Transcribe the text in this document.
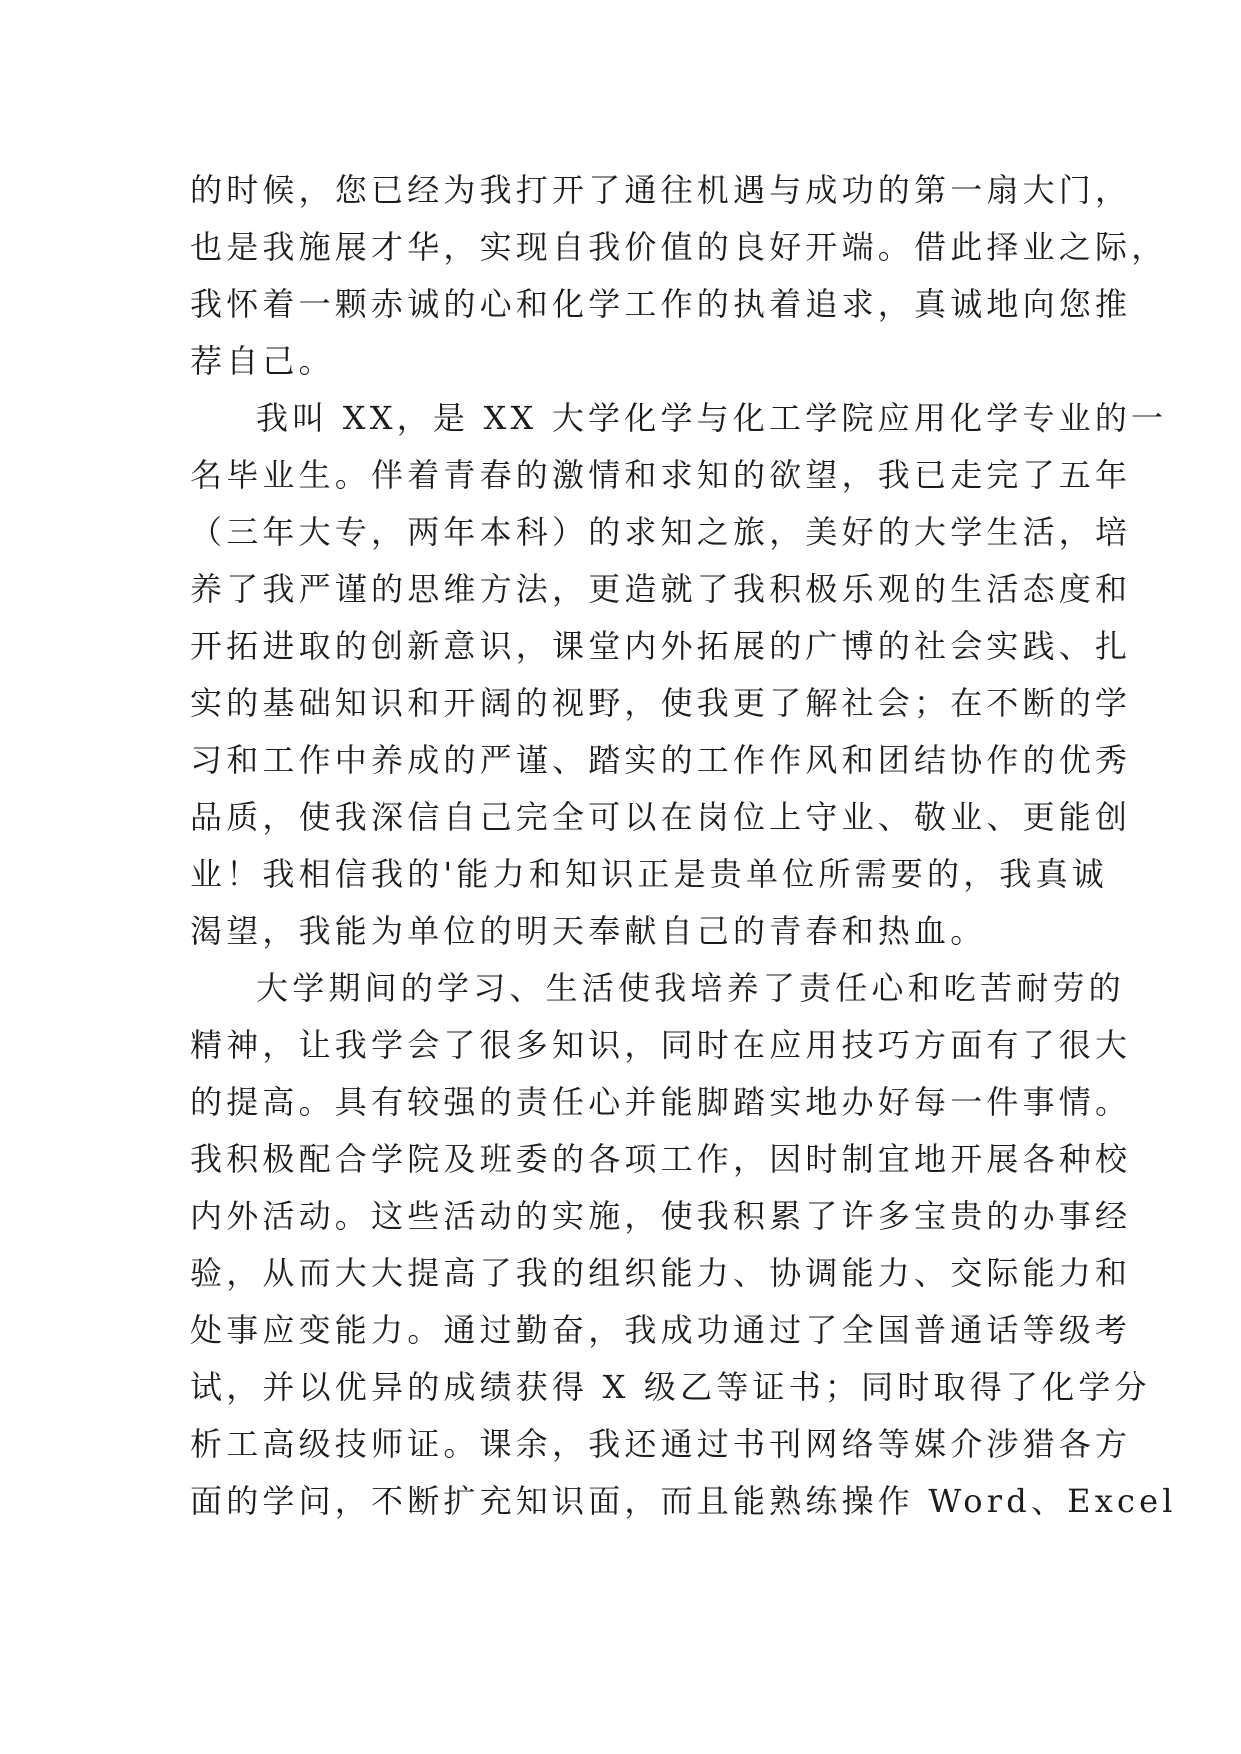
的时候，您已经为我打开了通往机遇与成功的第一扇大门，
也是我施展才华，实现自我价值的良好开端。借此择业之际，
我怀着一颗赤诚的心和化学工作的执着追求，真诚地向您推
荐自己。
我叫 XX，是 XX 大学化学与化工学院应用化学专业的一
名毕业生。伴着青春的激情和求知的欲望，我已走完了五年
（三年大专，两年本科）的求知之旅，美好的大学生活，培
养了我严谨的思维方法，更造就了我积极乐观的生活态度和
开拓进取的创新意识，课堂内外拓展的广博的社会实践、扎
实的基础知识和开阔的视野，使我更了解社会；在不断的学
习和工作中养成的严谨、踏实的工作作风和团结协作的优秀
品质，使我深信自己完全可以在岗位上守业、敬业、更能创
业！我相信我的'能力和知识正是贵单位所需要的，我真诚
渴望，我能为单位的明天奉献自己的青春和热血。
大学期间的学习、生活使我培养了责任心和吃苦耐劳的
精神，让我学会了很多知识，同时在应用技巧方面有了很大
的提高。具有较强的责任心并能脚踏实地办好每一件事情。
我积极配合学院及班委的各项工作，因时制宜地开展各种校
内外活动。这些活动的实施，使我积累了许多宝贵的办事经
验，从而大大提高了我的组织能力、协调能力、交际能力和
处事应变能力。通过勤奋，我成功通过了全国普通话等级考
试，并以优异的成绩获得 X 级乙等证书；同时取得了化学分
析工高级技师证。课余，我还通过书刊网络等媒介涉猎各方
面的学问，不断扩充知识面，而且能熟练操作 Word、Excel
